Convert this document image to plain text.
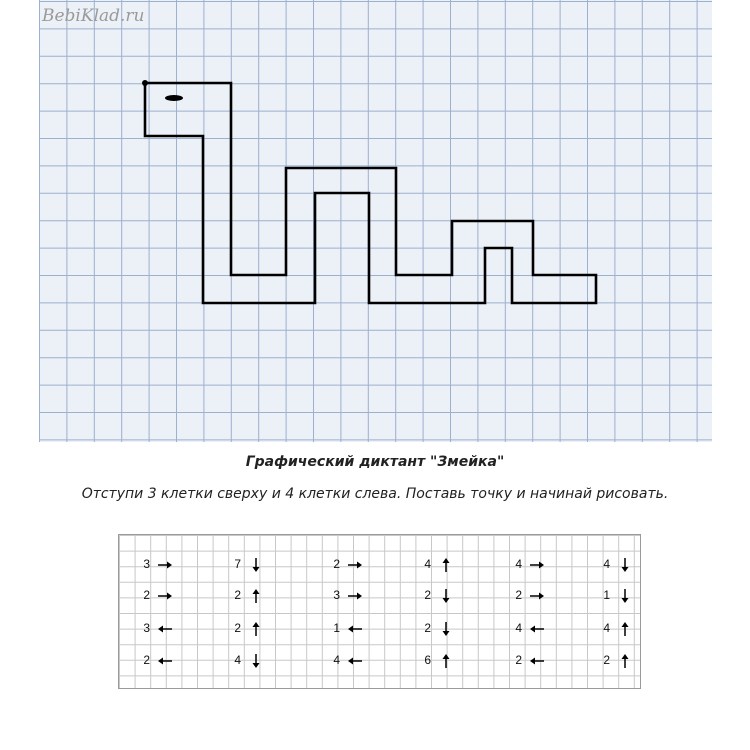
BebiKlad.ru
Графический диктант "Змейка"
Отступи 3 клетки сверху и 4 клетки слева. Поставь точку и начинай рисовать.
3
2
3
2
7
2
2
4
2
3
1
4
4
2
2
6
4
2
4
2
4
1
4
2
